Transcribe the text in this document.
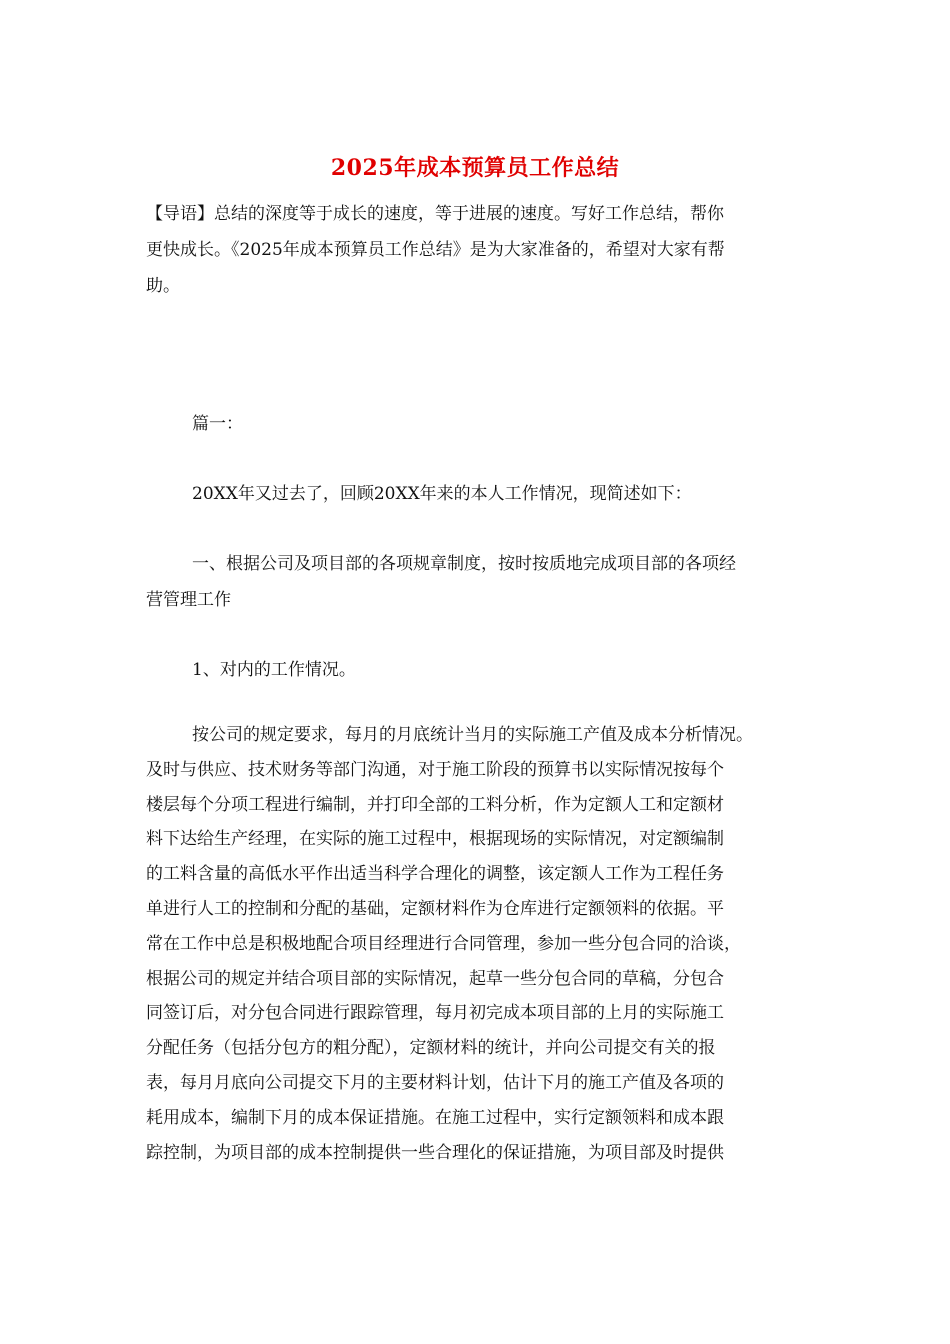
2025年成本预算员工作总结
【导语】总结的深度等于成长的速度，等于进展的速度。写好工作总结，帮你
更快成长。《2025年成本预算员工作总结》是为大家准备的，希望对大家有帮
助。
篇一：
20XX年又过去了，回顾20XX年来的本人工作情况，现简述如下：
一、根据公司及项目部的各项规章制度，按时按质地完成项目部的各项经
营管理工作
1、对内的工作情况。
按公司的规定要求，每月的月底统计当月的实际施工产值及成本分析情况。
及时与供应、技术财务等部门沟通，对于施工阶段的预算书以实际情况按每个
楼层每个分项工程进行编制，并打印全部的工料分析，作为定额人工和定额材
料下达给生产经理，在实际的施工过程中，根据现场的实际情况，对定额编制
的工料含量的高低水平作出适当科学合理化的调整，该定额人工作为工程任务
单进行人工的控制和分配的基础，定额材料作为仓库进行定额领料的依据。平
常在工作中总是积极地配合项目经理进行合同管理，参加一些分包合同的洽谈，
根据公司的规定并结合项目部的实际情况，起草一些分包合同的草稿，分包合
同签订后，对分包合同进行跟踪管理，每月初完成本项目部的上月的实际施工
分配任务（包括分包方的粗分配），定额材料的统计，并向公司提交有关的报
表，每月月底向公司提交下月的主要材料计划，估计下月的施工产值及各项的
耗用成本，编制下月的成本保证措施。在施工过程中，实行定额领料和成本跟
踪控制，为项目部的成本控制提供一些合理化的保证措施，为项目部及时提供
